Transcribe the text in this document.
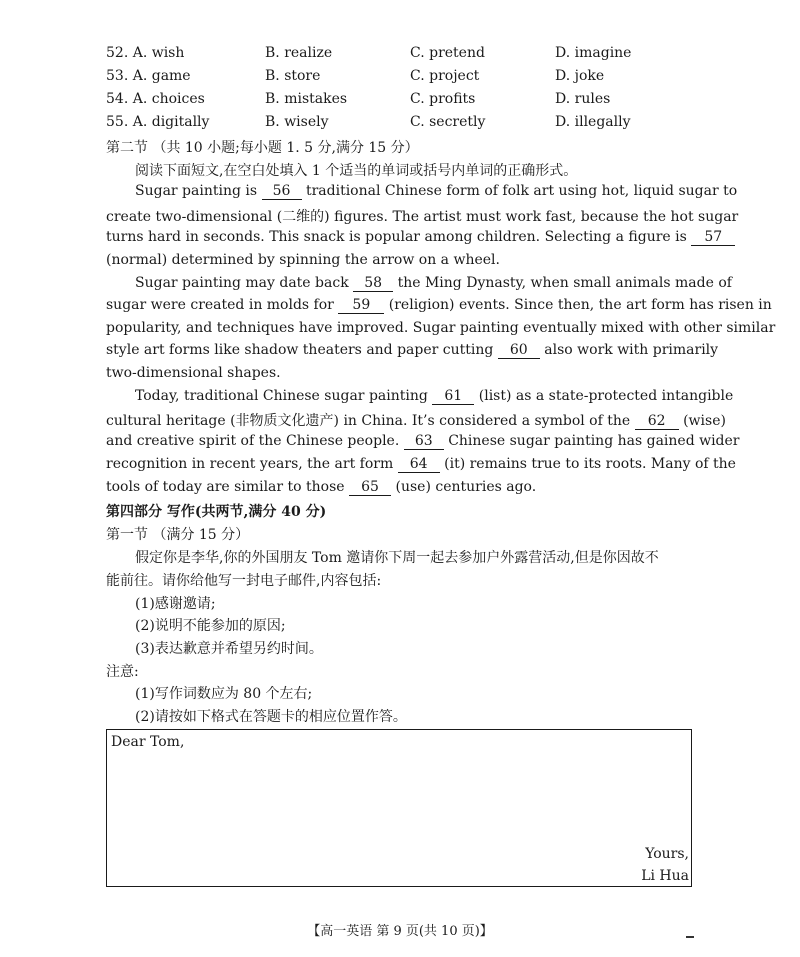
52. A. wish	B. realize	C. pretend	D. imagine
53. A. game	B. store	C. project	D. joke
54. A. choices	B. mistakes	C. profits	D. rules
55. A. digitally	B. wisely	C. secretly	D. illegally
第二节 （共 10 小题;每小题 1. 5 分,满分 15 分）
阅读下面短文,在空白处填入 1 个适当的单词或括号内单词的正确形式。
Sugar painting is 56 traditional Chinese form of folk art using hot, liquid sugar to
create two-dimensional (二维的) figures. The artist must work fast, because the hot sugar
turns hard in seconds. This snack is popular among children. Selecting a figure is 57
(normal) determined by spinning the arrow on a wheel.
Sugar painting may date back 58 the Ming Dynasty, when small animals made of
sugar were created in molds for 59 (religion) events. Since then, the art form has risen in
popularity, and techniques have improved. Sugar painting eventually mixed with other similar
style art forms like shadow theaters and paper cutting 60 also work with primarily
two-dimensional shapes.
Today, traditional Chinese sugar painting 61 (list) as a state-protected intangible
cultural heritage (非物质文化遗产) in China. It’s considered a symbol of the 62 (wise)
and creative spirit of the Chinese people. 63 Chinese sugar painting has gained wider
recognition in recent years, the art form 64 (it) remains true to its roots. Many of the
tools of today are similar to those 65 (use) centuries ago.
第四部分 写作(共两节,满分 40 分)
第一节 （满分 15 分）
假定你是李华,你的外国朋友 Tom 邀请你下周一起去参加户外露营活动,但是你因故不
能前往。请你给他写一封电子邮件,内容包括:
(1)感谢邀请;
(2)说明不能参加的原因;
(3)表达歉意并希望另约时间。
注意:
(1)写作词数应为 80 个左右;
(2)请按如下格式在答题卡的相应位置作答。
Dear Tom,
Yours,
Li Hua
【高一英语 第 9 页(共 10 页)】
